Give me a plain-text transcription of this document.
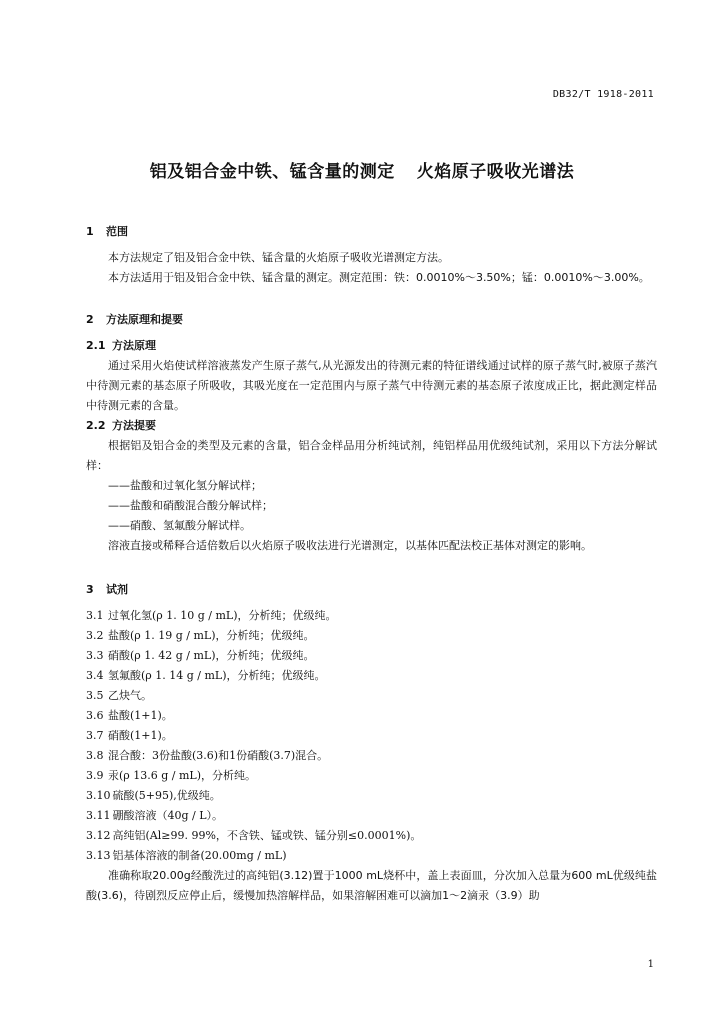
DB32/T 1918-2011
铝及铝合金中铁、锰含量的测定 火焰原子吸收光谱法
1 范围
本方法规定了铝及铝合金中铁、锰含量的火焰原子吸收光谱测定方法。
本方法适用于铝及铝合金中铁、锰含量的测定。测定范围：铁：0.0010%～3.50%；锰：0.0010%～3.00%。
2 方法原理和提要
2.1 方法原理
通过采用火焰使试样溶液蒸发产生原子蒸气,从光源发出的待测元素的特征谱线通过试样的原子蒸气时,被原子蒸汽中待测元素的基态原子所吸收，其吸光度在一定范围内与原子蒸气中待测元素的基态原子浓度成正比，据此测定样品中待测元素的含量。
2.2 方法提要
根据铝及铝合金的类型及元素的含量，铝合金样品用分析纯试剂，纯铝样品用优级纯试剂，采用以下方法分解试样：
——盐酸和过氧化氢分解试样；
——盐酸和硝酸混合酸分解试样；
——硝酸、氢氟酸分解试样。
溶液直接或稀释合适倍数后以火焰原子吸收法进行光谱测定，以基体匹配法校正基体对测定的影响。
3 试剂
3.1 过氧化氢(ρ 1. 10 g / mL)，分析纯；优级纯。
3.2 盐酸(ρ 1. 19 g / mL)，分析纯；优级纯。
3.3 硝酸(ρ 1. 42 g / mL)，分析纯；优级纯。
3.4 氢氟酸(ρ 1. 14 g / mL)，分析纯；优级纯。
3.5 乙炔气。
3.6 盐酸(1+1)。
3.7 硝酸(1+1)。
3.8 混合酸：3份盐酸(3.6)和1份硝酸(3.7)混合。
3.9 汞(ρ 13.6 g / mL)，分析纯。
3.10 硫酸(5+95),优级纯。
3.11 硼酸溶液（40g / L）。
3.12 高纯铝(Al≥99. 99%，不含铁、锰或铁、锰分别≤0.0001%)。
3.13 铝基体溶液的制备(20.00mg / mL)
准确称取20.00g经酸洗过的高纯铝(3.12)置于1000 mL烧杯中，盖上表面皿，分次加入总量为600 mL优级纯盐酸(3.6)，待剧烈反应停止后，缓慢加热溶解样品，如果溶解困难可以滴加1～2滴汞（3.9）助
1
